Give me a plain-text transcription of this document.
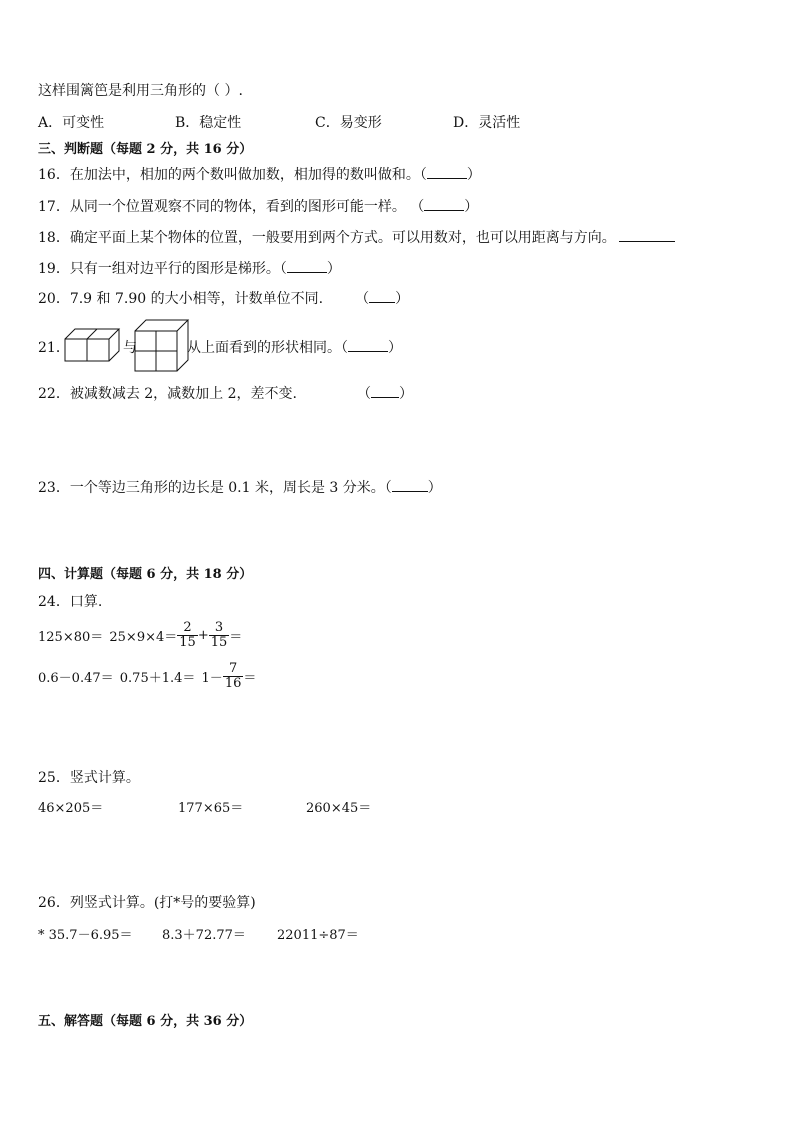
这样围篱笆是利用三角形的（ ）.
A．可变性	B．稳定性	C．易变形	D．灵活性
三、判断题（每题 2 分，共 16 分）
16．在加法中，相加的两个数叫做加数，相加得的数叫做和。（	）
17．从同一个位置观察不同的物体，看到的图形可能一样。 （	）
18．确定平面上某个物体的位置，一般要用到两个方式。可以用数对，也可以用距离与方向。
19．只有一组对边平行的图形是梯形。（	）
20．7.9 和 7.90 的大小相等，计数单位不同. （ ）
21．	与	从上面看到的形状相同。（	）
22．被减数减去 2，减数加上 2，差不变.	（ ）
23．一个等边三角形的边长是 0.1 米，周长是 3 分米。（	）
四、计算题（每题 6 分，共 18 分）
24．口算.
$125\times 80= 25\times 9\times 4= \frac{2}{15} + \frac{3}{15}$ ＝
$0.6-0.47= 0.75+1.4= 1- \frac{7}{16}$ ＝
25．竖式计算。
46×205＝	177×65＝	260×45＝
26．列竖式计算。(打*号的要验算)
* 35.7－6.95＝ 8.3＋72.77＝ 22011÷87＝
五、解答题（每题 6 分，共 36 分）
